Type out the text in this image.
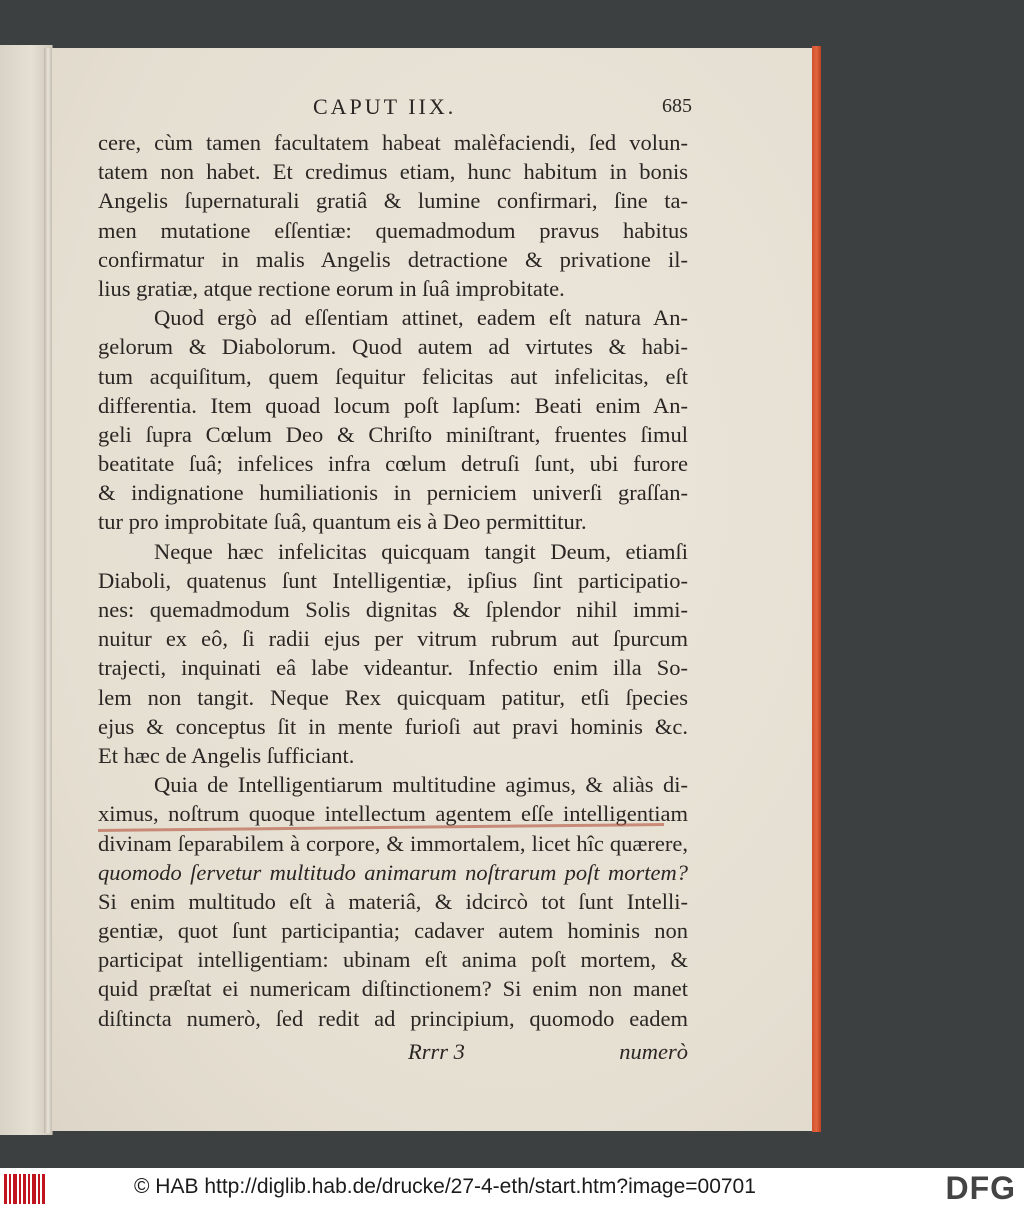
CAPUT IIX.	685
cere, cùm tamen facultatem habeat malèfaciendi, ſed volun-
tatem non habet. Et credimus etiam, hunc habitum in bonis
Angelis ſupernaturali gratiâ & lumine confirmari, ſine ta-
men mutatione eſſentiæ: quemadmodum pravus habitus
confirmatur in malis Angelis detractione & privatione il-
lius gratiæ, atque rectione eorum in ſuâ improbitate.
Quod ergò ad eſſentiam attinet, eadem eſt natura An-
gelorum & Diabolorum. Quod autem ad virtutes & habi-
tum acquiſitum, quem ſequitur felicitas aut infelicitas, eſt
differentia. Item quoad locum poſt lapſum: Beati enim An-
geli ſupra Cœlum Deo & Chriſto miniſtrant, fruentes ſimul
beatitate ſuâ; infelices infra cœlum detruſi ſunt, ubi furore
& indignatione humiliationis in perniciem univerſi graſſan-
tur pro improbitate ſuâ, quantum eis à Deo permittitur.
Neque hæc infelicitas quicquam tangit Deum, etiamſi
Diaboli, quatenus ſunt Intelligentiæ, ipſius ſint participatio-
nes: quemadmodum Solis dignitas & ſplendor nihil immi-
nuitur ex eô, ſi radii ejus per vitrum rubrum aut ſpurcum
trajecti, inquinati eâ labe videantur. Infectio enim illa So-
lem non tangit. Neque Rex quicquam patitur, etſi ſpecies
ejus & conceptus ſit in mente furioſi aut pravi hominis &c.
Et hæc de Angelis ſufficiant.
Quia de Intelligentiarum multitudine agimus, & aliàs di-
ximus, noſtrum quoque intellectum agentem eſſe intelligentiam
divinam ſeparabilem à corpore, & immortalem, licet hîc quærere,
quomodo ſervetur multitudo animarum noſtrarum poſt mortem?
Si enim multitudo eſt à materiâ, & idcircò tot ſunt Intelli-
gentiæ, quot ſunt participantia; cadaver autem hominis non
participat intelligentiam: ubinam eſt anima poſt mortem, &
quid præſtat ei numericam diſtinctionem? Si enim non manet
diſtincta numerò, ſed redit ad principium, quomodo eadem
Rrrr 3	numerò
© HAB http://diglib.hab.de/drucke/27-4-eth/start.htm?image=00701	DFG
